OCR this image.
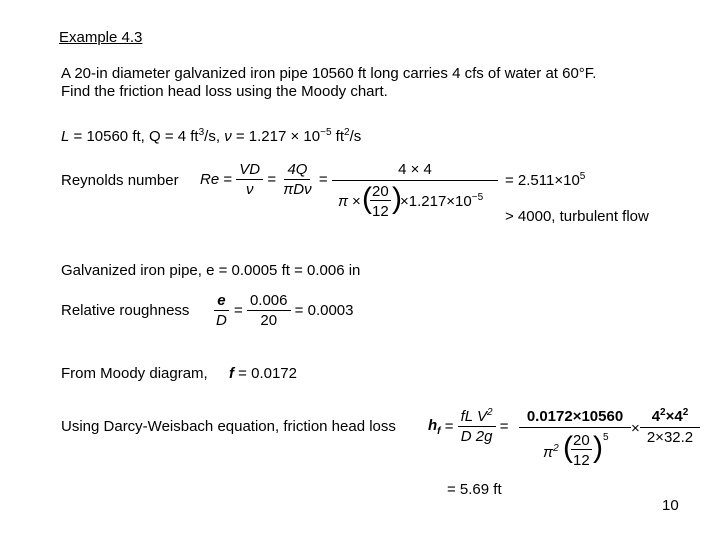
Example 4.3
A 20-in diameter galvanized iron pipe 10560 ft long carries 4 cfs of water at 60°F.
Find the friction head loss using the Moody chart.
L = 10560 ft, Q = 4 $ft^3/s$, $\nu = 1.217 \times 10^{-5}$ $ft^2/s$
Reynolds number $Re = \frac{VD}{\nu} = \frac{4Q}{\text{πDν}}$ =
4 × 4
π × ( 20
12 )
$\times 1.217\times 10^{-5}$
= $2.511\times 10^5$
> 4000, turbulent flow
Galvanized iron pipe, e = 0.0005 ft = 0.006 in
Relative roughness $\frac{e}{D} = \frac{0.006}{20} = 0.0003$
From Moody diagram, f = 0.0172
Using Darcy-Weisbach equation, friction head loss $h_f = \frac{fL V^2}{D 2g}$ =
0.0172×10560
$\pi^2$ ( 20
12 ) 5
×
$4^2\times 4^2$
2×32.2
= 5.69 ft
10
